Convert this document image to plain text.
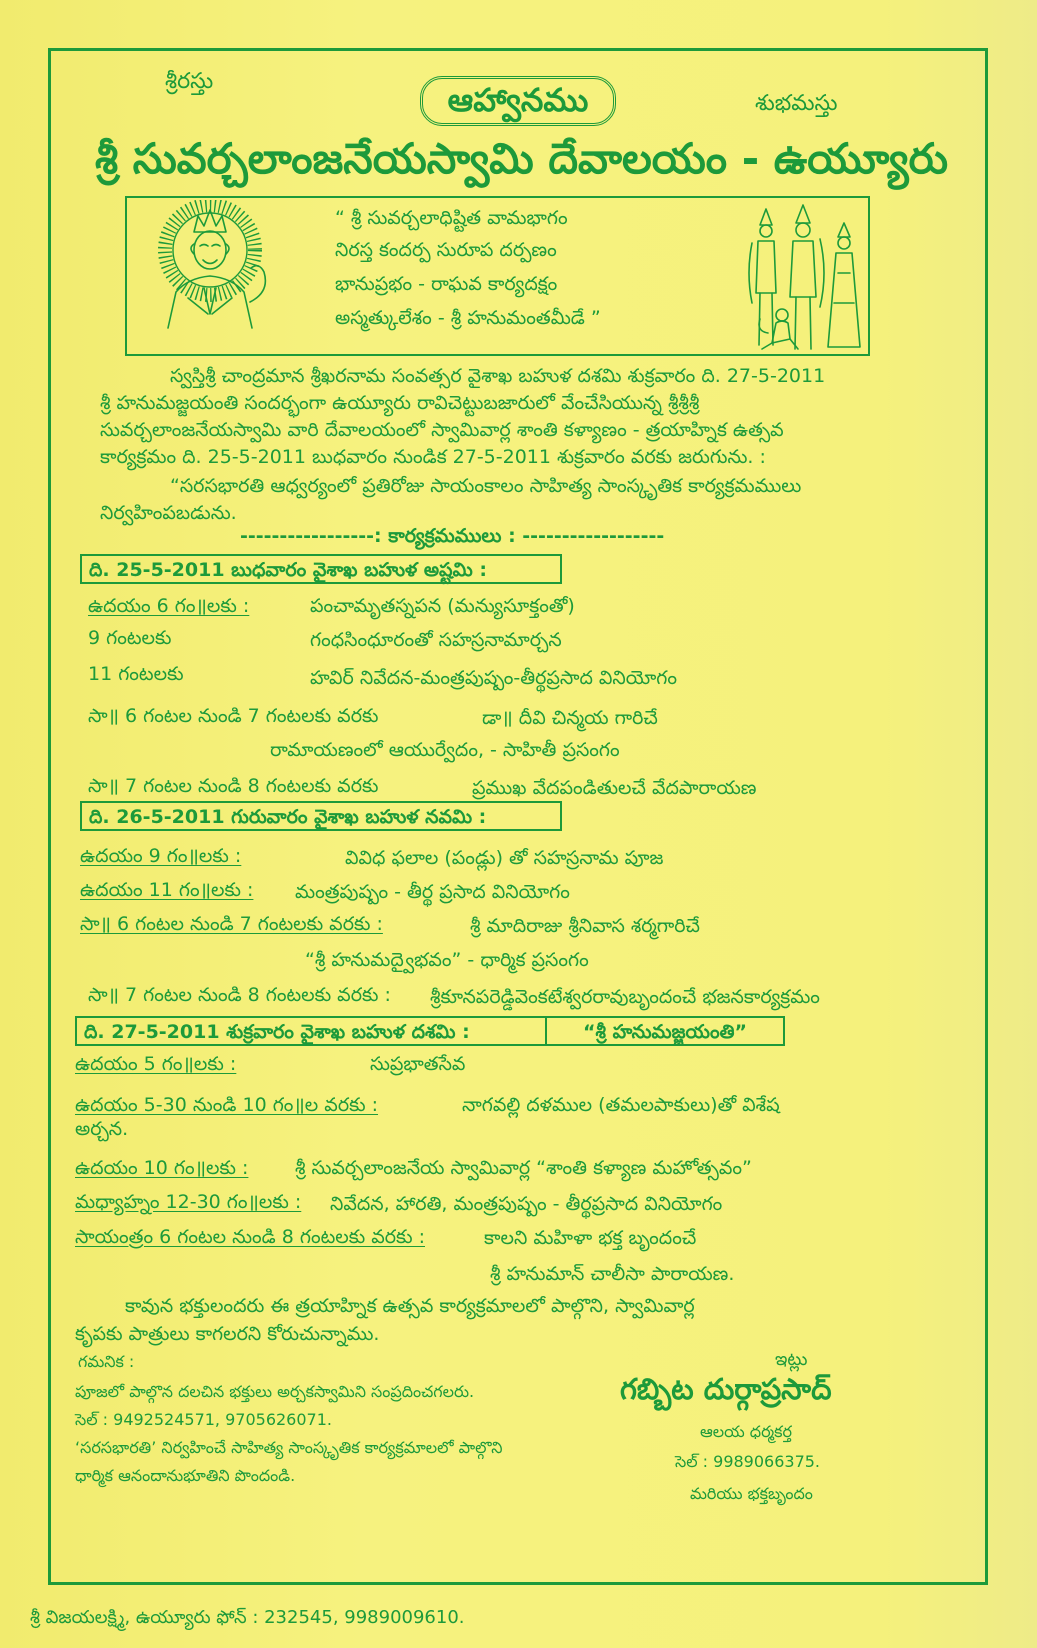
శ్రీరస్తు	ఆహ్వానము	శుభమస్తు
శ్రీ సువర్చలాంజనేయస్వామి దేవాలయం - ఉయ్యూరు
“ శ్రీ సువర్చలాధిష్టిత వామభాగం
నిరస్త కందర్ప సురూప దర్పణం
భానుప్రభం - రాఘవ కార్యదక్షం
అస్మత్కులేశం - శ్రీ హనుమంతమీడే ”
స్వస్తిశ్రీ చాంద్రమాన శ్రీఖరనామ సంవత్సర వైశాఖ బహుళ దశమి శుక్రవారం ది. 27-5-2011
శ్రీ హనుమజ్జయంతి సందర్భంగా ఉయ్యూరు రావిచెట్టుబజారులో వేంచేసియున్న శ్రీశ్రీశ్రీ
సువర్చలాంజనేయస్వామి వారి దేవాలయంలో స్వామివార్ల శాంతి కళ్యాణం - త్రయాహ్నిక ఉత్సవ
కార్యక్రమం ది. 25-5-2011 బుధవారం నుండిక 27-5-2011 శుక్రవారం వరకు జరుగును. :
“సరసభారతి ఆధ్వర్యంలో ప్రతిరోజు సాయంకాలం సాహిత్య సాంస్కృతిక కార్యక్రమములు
నిర్వహింపబడును.
-----------------: కార్యక్రమములు : ------------------
ది. 25-5-2011 బుధవారం వైశాఖ బహుళ అష్టమి :
ఉదయం 6 గం॥లకు :	పంచామృతస్నపన (మన్యుసూక్తంతో)
9 గంటలకు	గంధసింధూరంతో సహస్రనామార్చన
11 గంటలకు	హవిర్ నివేదన-మంత్రపుష్పం-తీర్థప్రసాద వినియోగం
సా॥ 6 గంటల నుండి 7 గంటలకు వరకు	డా॥ దీవి చిన్మయ గారిచే
రామాయణంలో ఆయుర్వేదం, - సాహితీ ప్రసంగం
సా॥ 7 గంటల నుండి 8 గంటలకు వరకు	ప్రముఖ వేదపండితులచే వేదపారాయణ
ది. 26-5-2011 గురువారం వైశాఖ బహుళ నవమి :
ఉదయం 9 గం॥లకు :	వివిధ ఫలాల (పండ్లు) తో సహస్రనామ పూజ
ఉదయం 11 గం॥లకు : మంత్రపుష్పం - తీర్థ ప్రసాద వినియోగం
సా॥ 6 గంటల నుండి 7 గంటలకు వరకు :	శ్రీ మాదిరాజు శ్రీనివాస శర్మగారిచే
“శ్రీ హనుమద్వైభవం” - ధార్మిక ప్రసంగం
సా॥ 7 గంటల నుండి 8 గంటలకు వరకు : శ్రీకూనపరెడ్డివెంకటేశ్వరరావుబృందంచే భజనకార్యక్రమం
ది. 27-5-2011 శుక్రవారం వైశాఖ బహుళ దశమి :	“శ్రీ హనుమజ్జయంతి”
ఉదయం 5 గం॥లకు :	సుప్రభాతసేవ
ఉదయం 5-30 నుండి 10 గం॥ల వరకు :	నాగవల్లి దళముల (తమలపాకులు)తో విశేష
అర్చన.
ఉదయం 10 గం॥లకు : శ్రీ సువర్చలాంజనేయ స్వామివార్ల “శాంతి కళ్యాణ మహోత్సవం”
మధ్యాహ్నం 12-30 గం॥లకు : నివేదన, హారతి, మంత్రపుష్పం - తీర్థప్రసాద వినియోగం
సాయంత్రం 6 గంటల నుండి 8 గంటలకు వరకు :	కాలని మహిళా భక్త బృందంచే
శ్రీ హనుమాన్ చాలీసా పారాయణ.
కావున భక్తులందరు ఈ త్రయాహ్నిక ఉత్సవ కార్యక్రమాలలో పాల్గొని, స్వామివార్ల
కృపకు పాత్రులు కాగలరని కోరుచున్నాము.
గమనిక :
పూజలో పాల్గొన దలచిన భక్తులు అర్చకస్వామిని సంప్రదించగలరు.
సెల్ : 9492524571, 9705626071.
‘సరసభారతి’ నిర్వహించే సాహిత్య సాంస్కృతిక కార్యక్రమాలలో పాల్గొని
ధార్మిక ఆనందానుభూతిని పొందండి.
ఇట్లు
గబ్బిట దుర్గాప్రసాద్
ఆలయ ధర్మకర్త
సెల్ : 9989066375.
మరియు భక్తబృందం
శ్రీ విజయలక్ష్మి, ఉయ్యూరు ఫోన్ : 232545, 9989009610.
